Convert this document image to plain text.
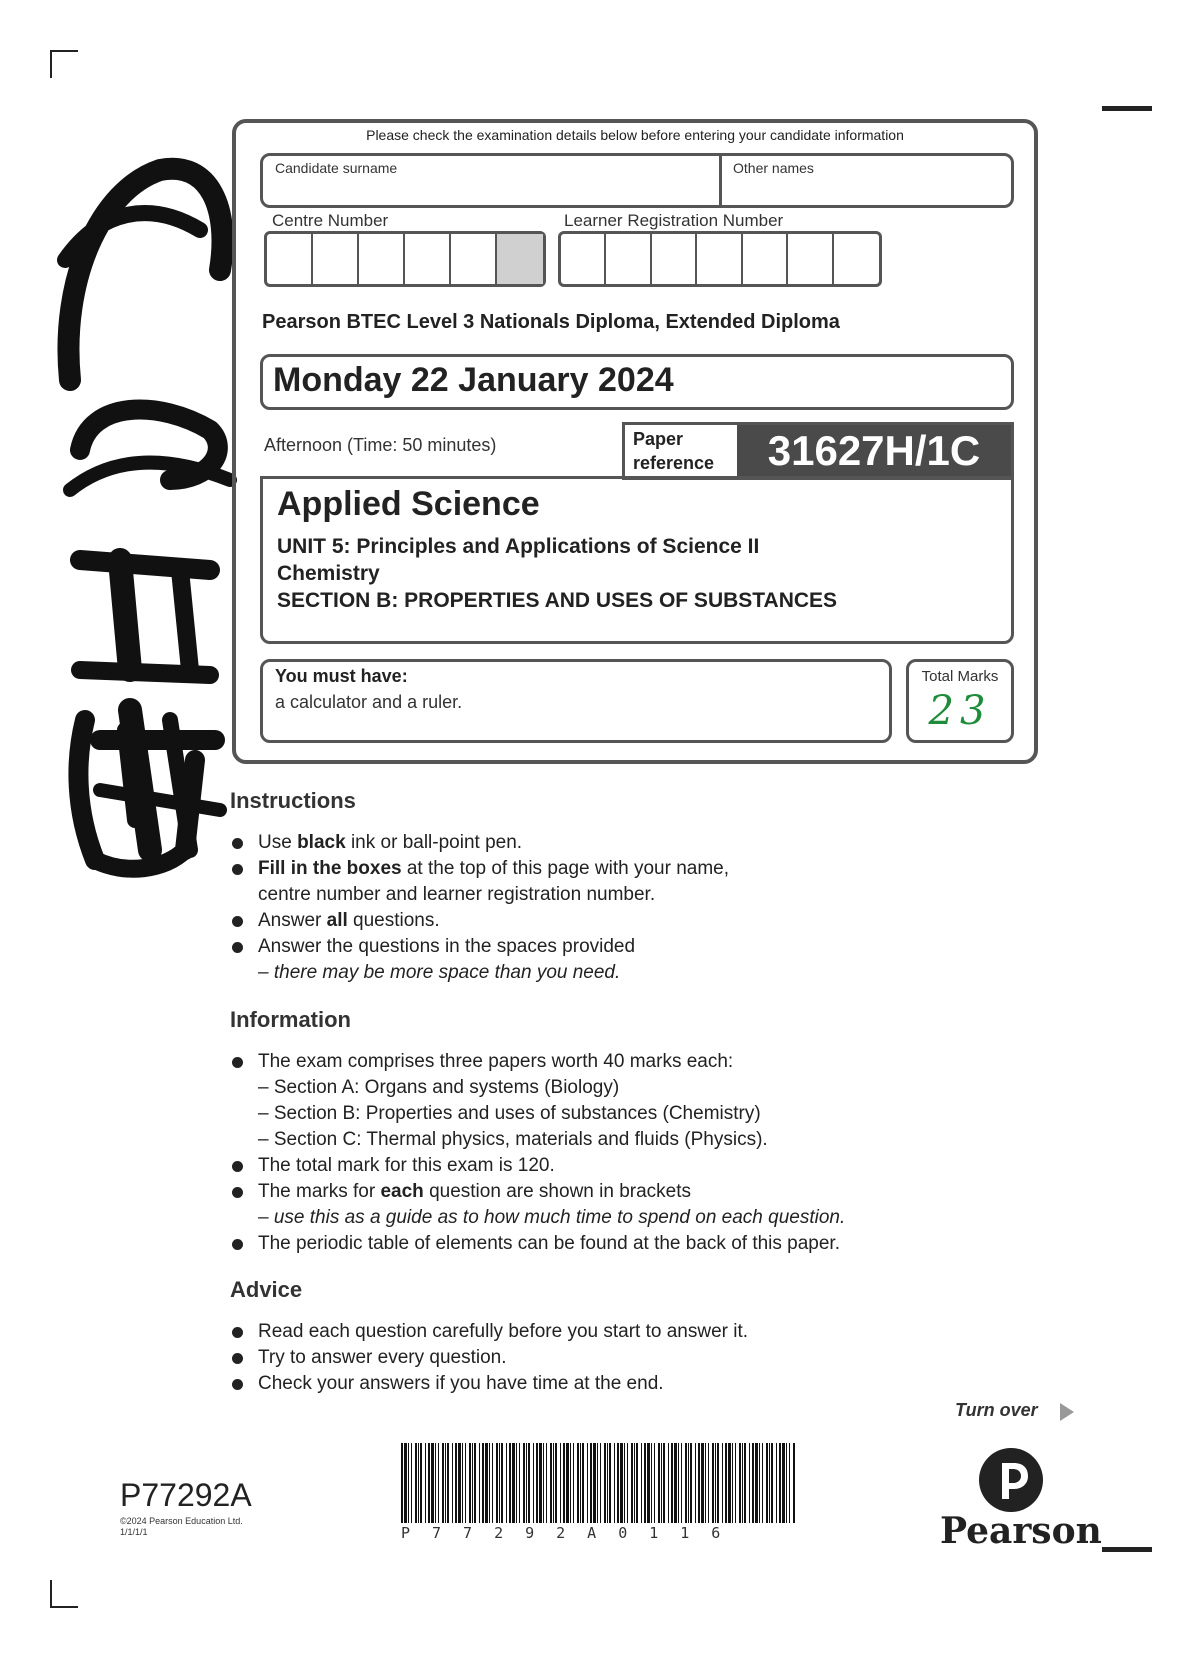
Please check the examination details below before entering your candidate information
Candidate surname	Other names
Centre Number	Learner Registration Number
Pearson BTEC Level 3 Nationals Diploma, Extended Diploma
Monday 22 January 2024
Afternoon (Time: 50 minutes)	Paper reference	31627H/1C
Applied Science
UNIT 5: Principles and Applications of Science II
Chemistry
SECTION B: PROPERTIES AND USES OF SUBSTANCES
You must have:
a calculator and a ruler.
Total Marks
23
Instructions
Use black ink or ball-point pen.
Fill in the boxes at the top of this page with your name,
centre number and learner registration number.
Answer all questions.
Answer the questions in the spaces provided
– there may be more space than you need.
Information
The exam comprises three papers worth 40 marks each:
– Section A: Organs and systems (Biology)
– Section B: Properties and uses of substances (Chemistry)
– Section C: Thermal physics, materials and fluids (Physics).
The total mark for this exam is 120.
The marks for each question are shown in brackets
– use this as a guide as to how much time to spend on each question.
The periodic table of elements can be found at the back of this paper.
Advice
Read each question carefully before you start to answer it.
Try to answer every question.
Check your answers if you have time at the end.
Turn over
P77292A
©2024 Pearson Education Ltd.
1/1/1/1	P77292A0116	Pearson
